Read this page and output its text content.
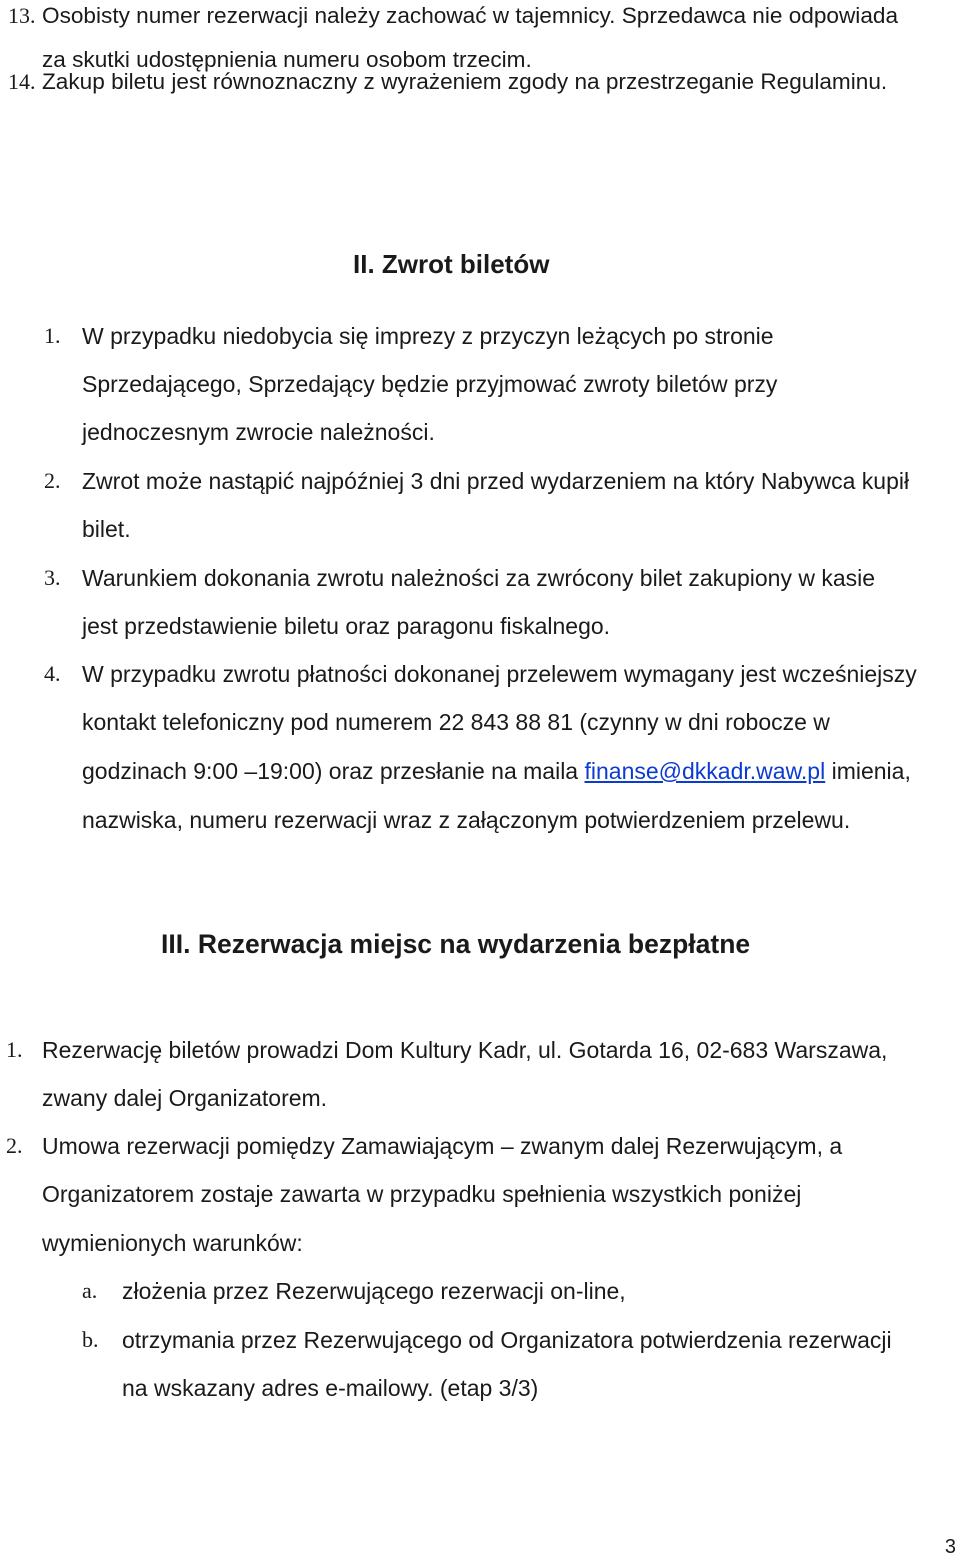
13. Osobisty numer rezerwacji należy zachować w tajemnicy. Sprzedawca nie odpowiada
za skutki udostępnienia numeru osobom trzecim.
14. Zakup biletu jest równoznaczny z wyrażeniem zgody na przestrzeganie Regulaminu.
II. Zwrot biletów
1. W przypadku niedobycia się imprezy z przyczyn leżących po stronie
Sprzedającego, Sprzedający będzie przyjmować zwroty biletów przy
jednoczesnym zwrocie należności.
2. Zwrot może nastąpić najpóźniej 3 dni przed wydarzeniem na który Nabywca kupił
bilet.
3. Warunkiem dokonania zwrotu należności za zwrócony bilet zakupiony w kasie
jest przedstawienie biletu oraz paragonu fiskalnego.
4. W przypadku zwrotu płatności dokonanej przelewem wymagany jest wcześniejszy
kontakt telefoniczny pod numerem 22 843 88 81 (czynny w dni robocze w
godzinach 9:00 –19:00) oraz przesłanie na maila finanse@dkkadr.waw.pl imienia,
nazwiska, numeru rezerwacji wraz z załączonym potwierdzeniem przelewu.
III. Rezerwacja miejsc na wydarzenia bezpłatne
1. Rezerwację biletów prowadzi Dom Kultury Kadr, ul. Gotarda 16, 02-683 Warszawa,
zwany dalej Organizatorem.
2. Umowa rezerwacji pomiędzy Zamawiającym – zwanym dalej Rezerwującym, a
Organizatorem zostaje zawarta w przypadku spełnienia wszystkich poniżej
wymienionych warunków:
a. złożenia przez Rezerwującego rezerwacji on-line,
b. otrzymania przez Rezerwującego od Organizatora potwierdzenia rezerwacji
na wskazany adres e-mailowy. (etap 3/3)
3
